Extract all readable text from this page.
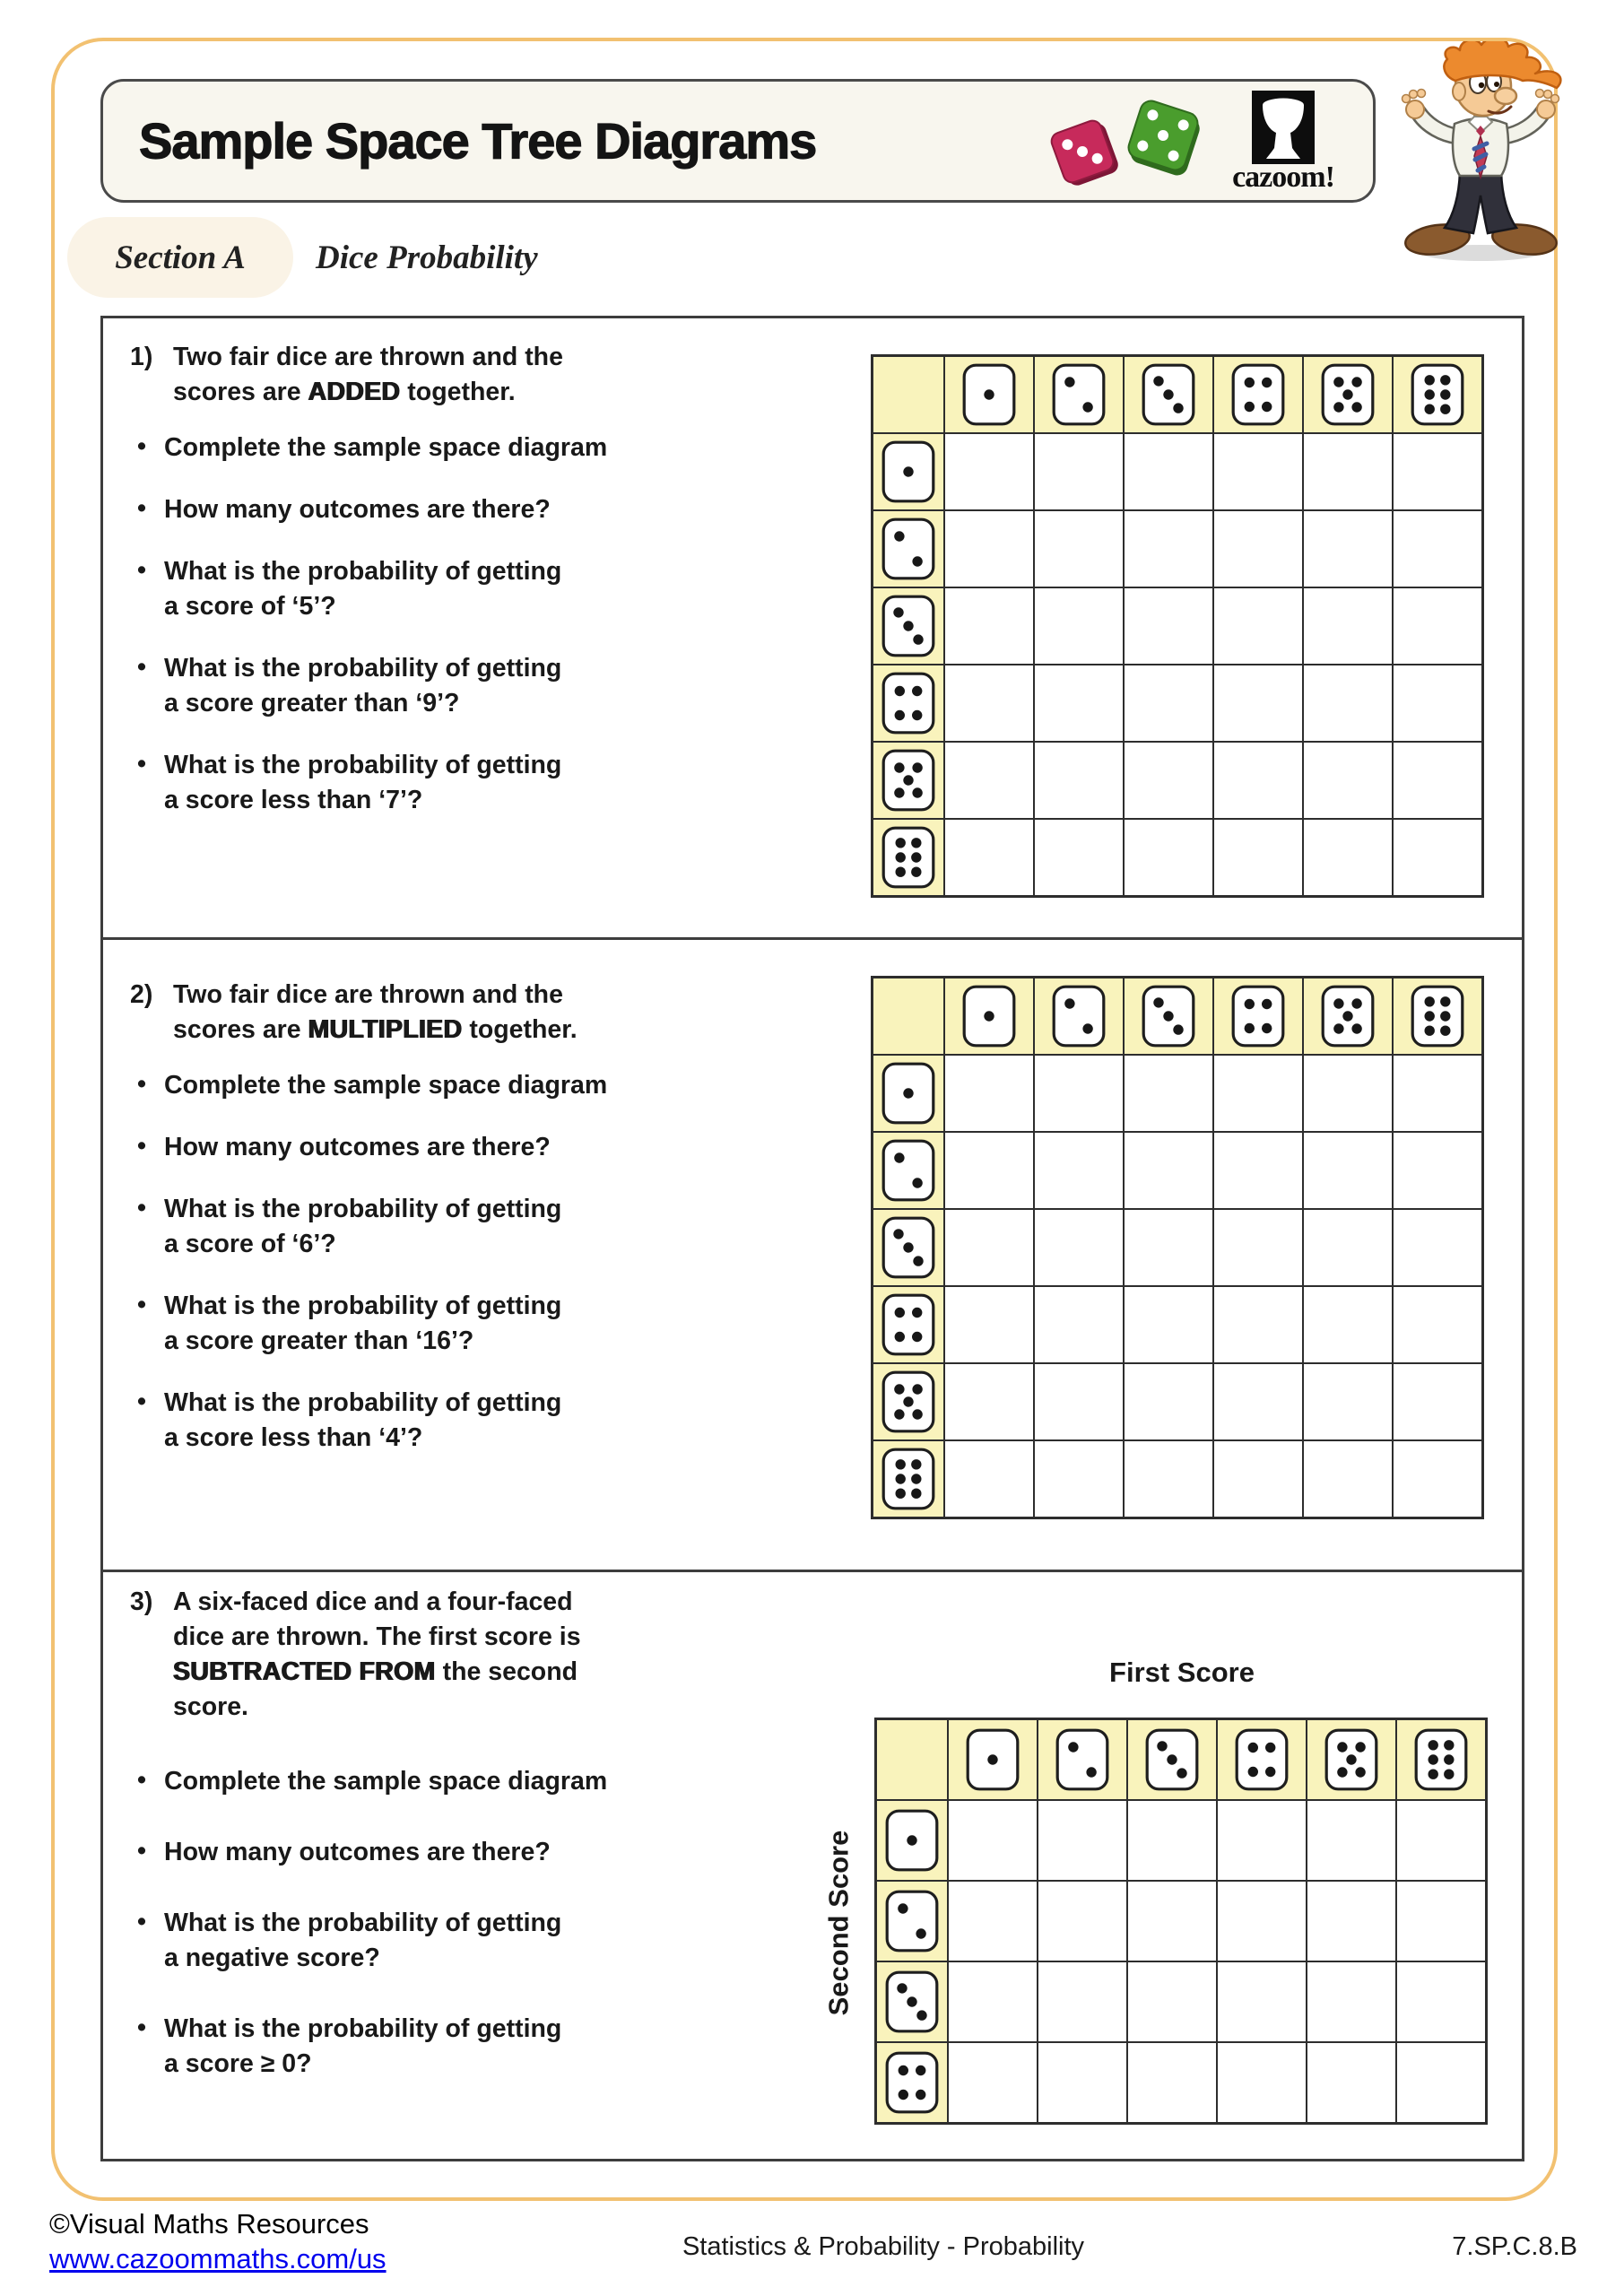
Sample Space Tree Diagrams
cazoom!
Section A Dice Probability
1) Two fair dice are thrown and the
scores are ADDED together.
• Complete the sample space diagram
• How many outcomes are there?
• What is the probability of getting
a score of ‘5’?
• What is the probability of getting
a score greater than ‘9’?
• What is the probability of getting
a score less than ‘7’?
2) Two fair dice are thrown and the
scores are MULTIPLIED together.
• Complete the sample space diagram
• How many outcomes are there?
• What is the probability of getting
a score of ‘6’?
• What is the probability of getting
a score greater than ‘16’?
• What is the probability of getting
a score less than ‘4’?
3) A six-faced dice and a four-faced
dice are thrown. The first score is
SUBTRACTED FROM the second
score.
• Complete the sample space diagram
• How many outcomes are there?
• What is the probability of getting
a negative score?
• What is the probability of getting
a score ≥ 0?
First Score
Second Score
©Visual Maths Resources
www.cazoommaths.com/us	Statistics & Probability - Probability	7.SP.C.8.B
